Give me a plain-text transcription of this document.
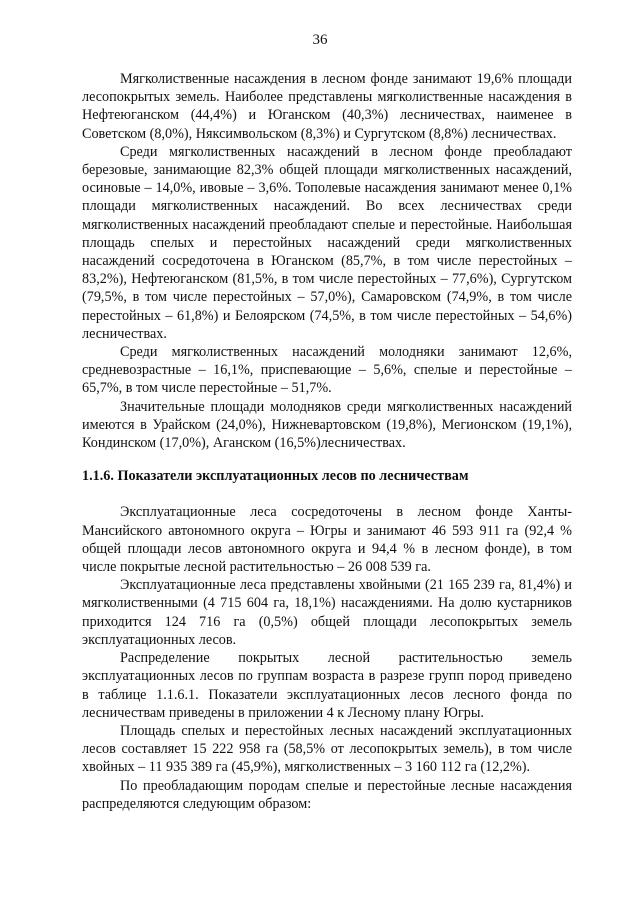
36

Мягколиственные насаждения в лесном фонде занимают 19,6% площади лесопокрытых земель. Наиболее представлены мягколиственные насаждения в Нефтеюганском (44,4%) и Юганском (40,3%) лесничествах, наименее в Советском (8,0%), Няксимвольском (8,3%) и Сургутском (8,8%) лесничествах.

Среди мягколиственных насаждений в лесном фонде преобладают березовые, занимающие 82,3% общей площади мягколиственных насаждений, осиновые – 14,0%, ивовые – 3,6%. Тополевые насаждения занимают менее 0,1% площади мягколиственных насаждений. Во всех лесничествах среди мягколиственных насаждений преобладают спелые и перестойные. Наибольшая площадь спелых и перестойных насаждений среди мягколиственных насаждений сосредоточена в Юганском (85,7%, в том числе перестойных – 83,2%), Нефтеюганском (81,5%, в том числе перестойных – 77,6%), Сургутском (79,5%, в том числе перестойных – 57,0%), Самаровском (74,9%, в том числе перестойных – 61,8%) и Белоярском (74,5%, в том числе перестойных – 54,6%) лесничествах.

Среди мягколиственных насаждений молодняки занимают 12,6%, средневозрастные – 16,1%, приспевающие – 5,6%, спелые и перестойные – 65,7%, в том числе перестойные – 51,7%.

Значительные площади молодняков среди мягколиственных насаждений имеются в Урайском (24,0%), Нижневартовском (19,8%), Мегионском (19,1%), Кондинском (17,0%), Аганском (16,5%)лесничествах.

1.1.6. Показатели эксплуатационных лесов по лесничествам

Эксплуатационные леса сосредоточены в лесном фонде Ханты-Мансийского автономного округа – Югры и занимают 46 593 911 га (92,4 % общей площади лесов автономного округа и 94,4 % в лесном фонде), в том числе покрытые лесной растительностью – 26 008 539 га.

Эксплуатационные леса представлены хвойными (21 165 239 га, 81,4%) и мягколиственными (4 715 604 га, 18,1%) насаждениями. На долю кустарников приходится 124 716 га (0,5%) общей площади лесопокрытых земель эксплуатационных лесов.

Распределение покрытых лесной растительностью земель эксплуатационных лесов по группам возраста в разрезе групп пород приведено в таблице 1.1.6.1. Показатели эксплуатационных лесов лесного фонда по лесничествам приведены в приложении 4 к Лесному плану Югры.

Площадь спелых и перестойных лесных насаждений эксплуатационных лесов составляет 15 222 958 га (58,5% от лесопокрытых земель), в том числе хвойных – 11 935 389 га (45,9%), мягколиственных – 3 160 112 га (12,2%).

По преобладающим породам спелые и перестойные лесные насаждения распределяются следующим образом:
